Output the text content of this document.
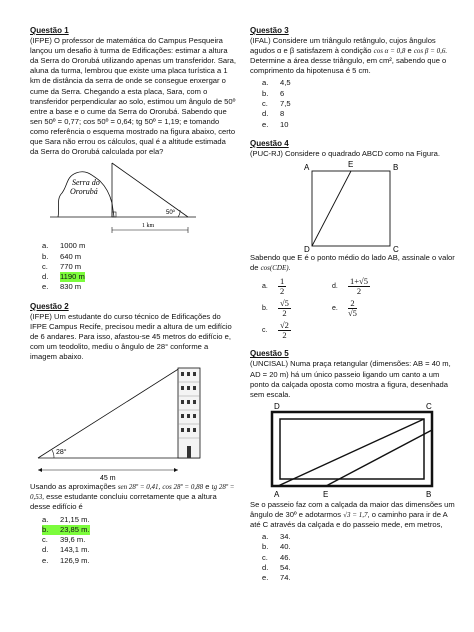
Questão 1

(IFPE) O professor de matemática do Campus Pesqueira lançou um desafio à turma de Edificações: estimar a altura da Serra do Ororubá utilizando apenas um transferidor. Sara, aluna da turma, lembrou que existe uma placa turística a 1 km de distância da serra de onde se consegue enxergar o cume da Serra. Chegando a esta placa, Sara, com o transferidor perpendicular ao solo, estimou um ângulo de 50º entre a base e o cume da Serra do Ororubá. Sabendo que sen 50º = 0,77; cos 50º = 0,64; tg 50º = 1,19; e tomando como referência o esquema mostrado na figura abaixo, certo que Sara não errou os cálculos, qual é a altitude estimada da Serra do Ororubá calculada por ela?

Serra do
Ororubá
50º
1 km
a.	1000 m
b.	640 m
c.	770 m
d.	1190 m
e.	830 m

Questão 2

(IFPE) Um estudante do curso técnico de Edificações do IFPE Campus Recife, precisou medir a altura de um edifício de 6 andares. Para isso, afastou-se 45 metros do edifício e, com um teodolito, mediu o ângulo de 28° conforme a imagem abaixo.

28°
45 m

Usando as aproximações sen 28º = 0,41, cos 28º = 0,88 e tg 28º = 0,53, esse estudante concluiu corretamente que a altura desse edifício é

a.	21,15 m.
b.	23,85 m.
c.	39,6 m.
d.	143,1 m.
e.	126,9 m.

Questão 3

(IFAL) Considere um triângulo retângulo, cujos ângulos agudos α e β satisfazem à condição cos α = 0,8 e cos β = 0,6. Determine a área desse triângulo, em cm², sabendo que o comprimento da hipotenusa é 5 cm.

a.	4,5
b.	6
c.	7,5
d.	8
e.	10

Questão 4

(PUC-RJ) Considere o quadrado ABCD como na Figura.

A	E	B
D	C

Sabendo que E é o ponto médio do lado AB, assinale o valor de cos(CDE).

a.	$\frac{1}{2}$	d.	$\frac{1+√5}{2}$
b.	$\frac{√5}{2}$	e.	$\frac{2}{√5}$
c.	$\frac{√2}{2}$

Questão 5

(UNCISAL) Numa praça retangular (dimensões: AB = 40 m, AD = 20 m) há um único passeio ligando um canto a um ponto da calçada oposta como mostra a figura, desenhada sem escala.

D	C
A	E	B

Se o passeio faz com a calçada da maior das dimensões um ângulo de 30º e adotarmos √3 = 1,7, o caminho para ir de A até C através da calçada e do passeio mede, em metros,

a.	34.
b.	40.
c.	46.
d.	54.
e.	74.
